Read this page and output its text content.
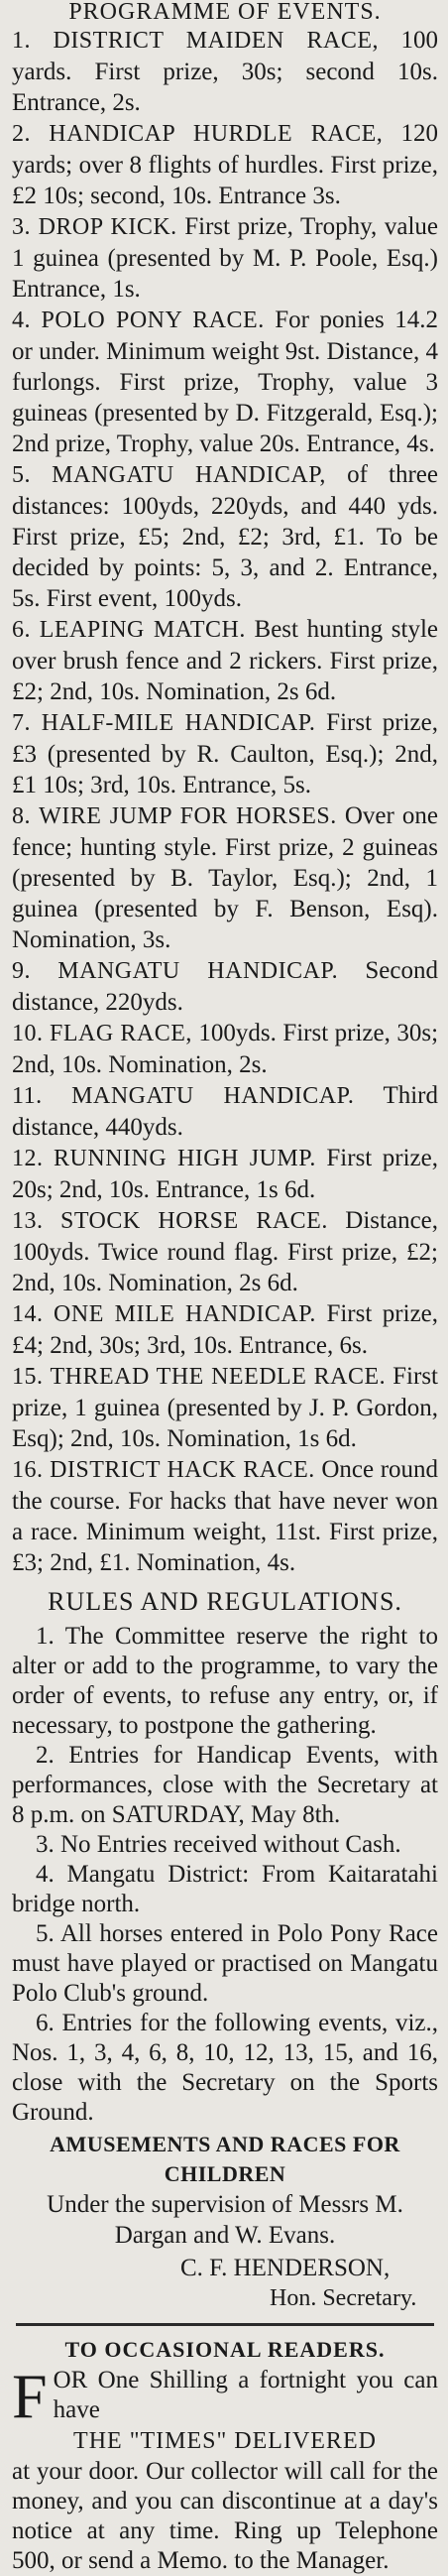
PROGRAMME OF EVENTS.

1. DISTRICT MAIDEN RACE, 100 yards. First prize, 30s; second 10s. Entrance, 2s.

2. HANDICAP HURDLE RACE, 120 yards; over 8 flights of hurdles. First prize, £2 10s; second, 10s. Entrance 3s.

3. DROP KICK. First prize, Trophy, value 1 guinea (presented by M. P. Poole, Esq.) Entrance, 1s.

4. POLO PONY RACE. For ponies 14.2 or under. Minimum weight 9st. Distance, 4 furlongs. First prize, Trophy, value 3 guineas (presented by D. Fitzgerald, Esq.); 2nd prize, Trophy, value 20s. Entrance, 4s.

5. MANGATU HANDICAP, of three distances: 100yds, 220yds, and 440 yds. First prize, £5; 2nd, £2; 3rd, £1. To be decided by points: 5, 3, and 2. Entrance, 5s. First event, 100yds.

6. LEAPING MATCH. Best hunting style over brush fence and 2 rickers. First prize, £2; 2nd, 10s. Nomination, 2s 6d.

7. HALF-MILE HANDICAP. First prize, £3 (presented by R. Caulton, Esq.); 2nd, £1 10s; 3rd, 10s. Entrance, 5s.

8. WIRE JUMP FOR HORSES. Over one fence; hunting style. First prize, 2 guineas (presented by B. Taylor, Esq.); 2nd, 1 guinea (presented by F. Benson, Esq). Nomination, 3s.

9. MANGATU HANDICAP. Second distance, 220yds.

10. FLAG RACE, 100yds. First prize, 30s; 2nd, 10s. Nomination, 2s.

11. MANGATU HANDICAP. Third distance, 440yds.

12. RUNNING HIGH JUMP. First prize, 20s; 2nd, 10s. Entrance, 1s 6d.

13. STOCK HORSE RACE. Distance, 100yds. Twice round flag. First prize, £2; 2nd, 10s. Nomination, 2s 6d.

14. ONE MILE HANDICAP. First prize, £4; 2nd, 30s; 3rd, 10s. Entrance, 6s.

15. THREAD THE NEEDLE RACE. First prize, 1 guinea (presented by J. P. Gordon, Esq); 2nd, 10s. Nomination, 1s 6d.

16. DISTRICT HACK RACE. Once round the course. For hacks that have never won a race. Minimum weight, 11st. First prize, £3; 2nd, £1. Nomination, 4s.

RULES AND REGULATIONS.

1. The Committee reserve the right to alter or add to the programme, to vary the order of events, to refuse any entry, or, if necessary, to postpone the gathering.

2. Entries for Handicap Events, with performances, close with the Secretary at 8 p.m. on SATURDAY, May 8th.

3. No Entries received without Cash.

4. Mangatu District: From Kaitaratahi bridge north.

5. All horses entered in Polo Pony Race must have played or practised on Mangatu Polo Club's ground.

6. Entries for the following events, viz., Nos. 1, 3, 4, 6, 8, 10, 12, 13, 15, and 16, close with the Secretary on the Sports Ground.

AMUSEMENTS AND RACES FOR CHILDREN

Under the supervision of Messrs M. Dargan and W. Evans.

C. F. HENDERSON,

Hon. Secretary.

TO OCCASIONAL READERS.

F OR One Shilling a fortnight you can have

THE "TIMES" DELIVERED

at your door. Our collector will call for the money, and you can discontinue at a day's notice at any time. Ring up Telephone 500, or send a Memo. to the Manager.
